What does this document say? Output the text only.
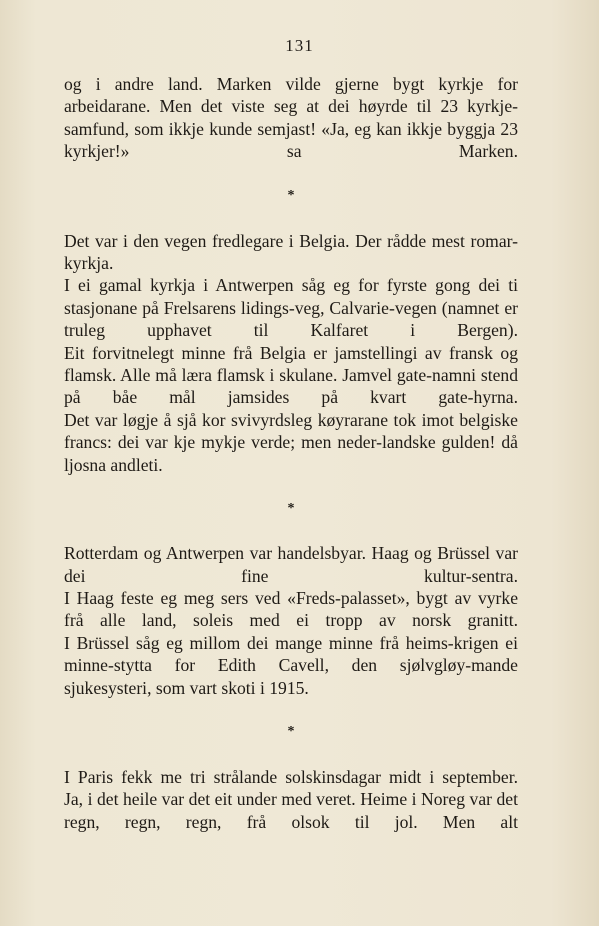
131

og i andre land. Marken vilde gjerne bygt kyrkje for arbeidarane. Men det viste seg at dei høyrde til 23 kyrkje-samfund, som ikkje kunde semjast! «Ja, eg kan ikkje byggja 23 kyrkjer!» sa Marken.

*

Det var i den vegen fredlegare i Belgia. Der rådde mest romar-kyrkja.

I ei gamal kyrkja i Antwerpen såg eg for fyrste gong dei ti stasjonane på Frelsarens lidings-veg, Calvarie-vegen (namnet er truleg upphavet til Kalfaret i Bergen).

Eit forvitnelegt minne frå Belgia er jamstellingi av fransk og flamsk. Alle må læra flamsk i skulane. Jamvel gate-namni stend på båe mål jamsides på kvart gate-hyrna.

Det var løgje å sjå kor svivyrdsleg køyrarane tok imot belgiske francs: dei var kje mykje verde; men neder-landske gulden! då ljosna andleti.

*

Rotterdam og Antwerpen var handelsbyar. Haag og Brüssel var dei fine kultur-sentra.

I Haag feste eg meg sers ved «Freds-palasset», bygt av vyrke frå alle land, soleis med ei tropp av norsk granitt.

I Brüssel såg eg millom dei mange minne frå heims-krigen ei minne-stytta for Edith Cavell, den sjølvgløy-mande sjukesysteri, som vart skoti i 1915.

*

I Paris fekk me tri strålande solskinsdagar midt i september.

Ja, i det heile var det eit under med veret. Heime i Noreg var det regn, regn, regn, frå olsok til jol. Men alt
